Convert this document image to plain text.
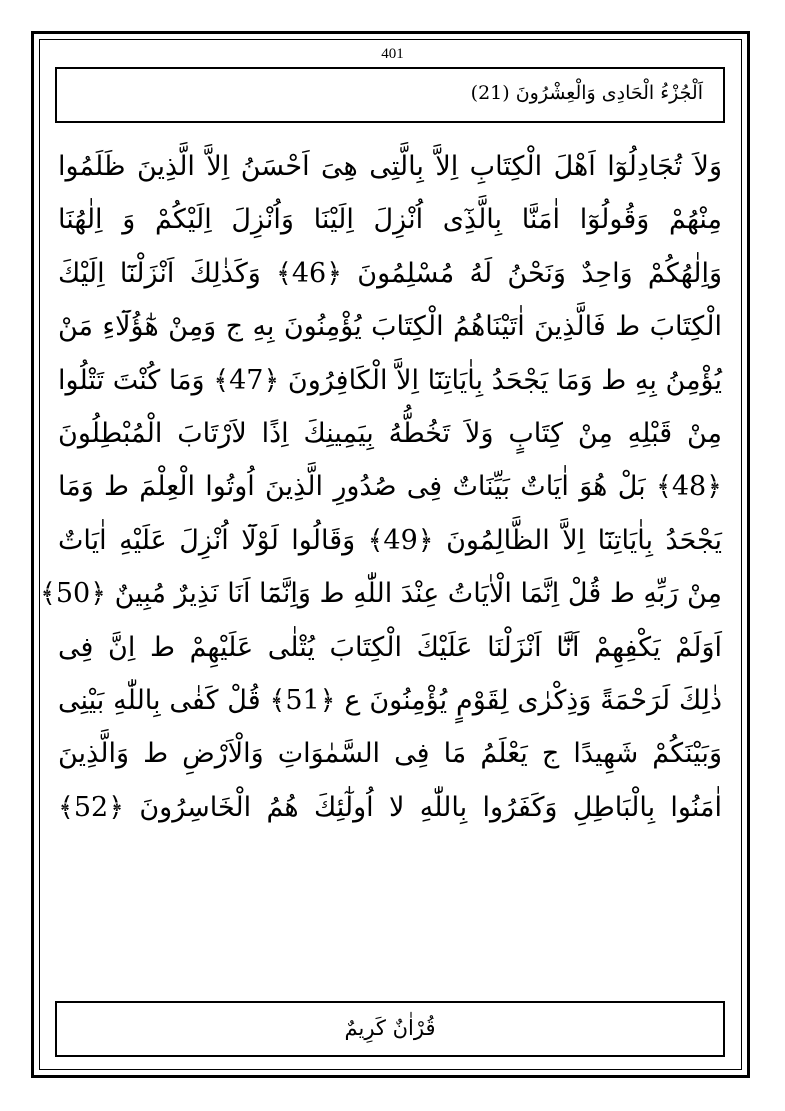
401
اَلْجُزْءُ الْحَادِى وَالْعِشْرُونَ (21)
وَلاَ تُجَادِلُوٓا اَهْلَ الْكِتَابِ اِلاَّ بِالَّتِى هِىَ اَحْسَنُ اِلاَّ الَّذِينَ ظَلَمُوا
مِنْهُمْ وَقُولُوٓا اٰمَنَّا بِالَّذِٓى اُنْزِلَ اِلَيْنَا وَاُنْزِلَ اِلَيْكُمْ وَ اِلٰهُنَا
وَاِلٰهُكُمْ وَاحِدٌ وَنَحْنُ لَهُ مُسْلِمُونَ ﴿46﴾ وَكَذٰلِكَ اَنْزَلْنَٓا اِلَيْكَ
الْكِتَابَ ط فَالَّذِينَ اٰتَيْنَاهُمُ الْكِتَابَ يُؤْمِنُونَ بِهِ ج وَمِنْ هٰٓؤُلَٓاءِ مَنْ
يُؤْمِنُ بِهِ ط وَمَا يَجْحَدُ بِاٰيَاتِنَٓا اِلاَّ الْكَافِرُونَ ﴿47﴾ وَمَا كُنْتَ تَتْلُوا
مِنْ قَبْلِهِ مِنْ كِتَابٍ وَلاَ تَخُطُّهُ بِيَمِينِكَ اِذًا لاَرْتَابَ الْمُبْطِلُونَ
﴿48﴾ بَلْ هُوَ اٰيَاتٌ بَيِّنَاتٌ فِى صُدُورِ الَّذِينَ اُوتُوا الْعِلْمَ ط وَمَا
يَجْحَدُ بِاٰيَاتِنَٓا اِلاَّ الظَّالِمُونَ ﴿49﴾ وَقَالُوا لَوْلَٓا اُنْزِلَ عَلَيْهِ اٰيَاتٌ
مِنْ رَبِّهِ ط قُلْ اِنَّمَا الْاٰيَاتُ عِنْدَ اللّٰهِ ط وَاِنَّمَٓا اَنَا نَذِيرٌ مُبِينٌ ﴿50﴾
اَوَلَمْ يَكْفِهِمْ اَنَّٓا اَنْزَلْنَا عَلَيْكَ الْكِتَابَ يُتْلٰى عَلَيْهِمْ ط اِنَّ فِى
ذٰلِكَ لَرَحْمَةً وَذِكْرٰى لِقَوْمٍ يُؤْمِنُونَ ع ﴿51﴾ قُلْ كَفٰى بِاللّٰهِ بَيْنِى
وَبَيْنَكُمْ شَهِيدًا ج يَعْلَمُ مَا فِى السَّمٰوَاتِ وَالْاَرْضِ ط وَالَّذِينَ
اٰمَنُوا بِالْبَاطِلِ وَكَفَرُوا بِاللّٰهِ لا اُولٰٓئِكَ هُمُ الْخَاسِرُونَ ﴿52﴾
قُرْاٰنٌ كَرِيمٌ
